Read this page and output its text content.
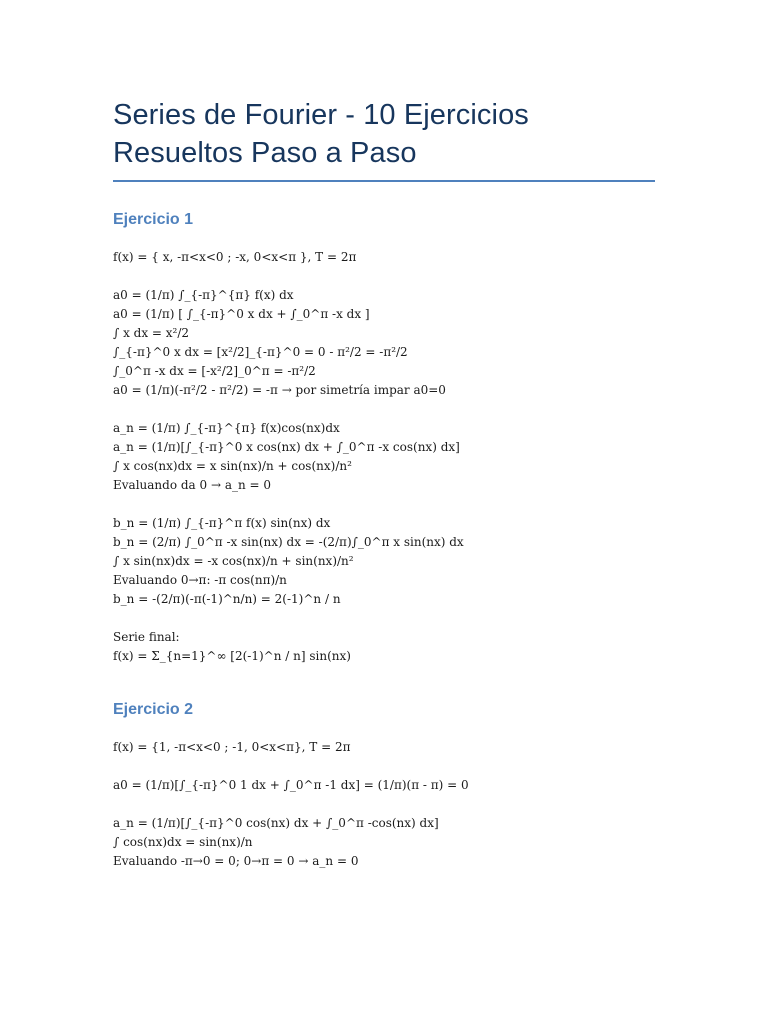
Series de Fourier - 10 Ejercicios
Resueltos Paso a Paso
Ejercicio 1
f(x) = { x, -π<x<0 ; -x, 0<x<π }, T = 2π
a0 = (1/π) ∫_{-π}^{π} f(x) dx
a0 = (1/π) [ ∫_{-π}^0 x dx + ∫_0^π -x dx ]
∫ x dx = x²/2
∫_{-π}^0 x dx = [x²/2]_{-π}^0 = 0 - π²/2 = -π²/2
∫_0^π -x dx = [-x²/2]_0^π = -π²/2
a0 = (1/π)(-π²/2 - π²/2) = -π → por simetría impar a0=0
a_n = (1/π) ∫_{-π}^{π} f(x)cos(nx)dx
a_n = (1/π)[∫_{-π}^0 x cos(nx) dx + ∫_0^π -x cos(nx) dx]
∫ x cos(nx)dx = x sin(nx)/n + cos(nx)/n²
Evaluando da 0 → a_n = 0
b_n = (1/π) ∫_{-π}^π f(x) sin(nx) dx
b_n = (2/π) ∫_0^π -x sin(nx) dx = -(2/π)∫_0^π x sin(nx) dx
∫ x sin(nx)dx = -x cos(nx)/n + sin(nx)/n²
Evaluando 0→π: -π cos(nπ)/n
b_n = -(2/π)(-π(-1)^n/n) = 2(-1)^n / n
Serie final:
f(x) = Σ_{n=1}^∞ [2(-1)^n / n] sin(nx)
Ejercicio 2
f(x) = {1, -π<x<0 ; -1, 0<x<π}, T = 2π
a0 = (1/π)[∫_{-π}^0 1 dx + ∫_0^π -1 dx] = (1/π)(π - π) = 0
a_n = (1/π)[∫_{-π}^0 cos(nx) dx + ∫_0^π -cos(nx) dx]
∫ cos(nx)dx = sin(nx)/n
Evaluando -π→0 = 0; 0→π = 0 → a_n = 0
